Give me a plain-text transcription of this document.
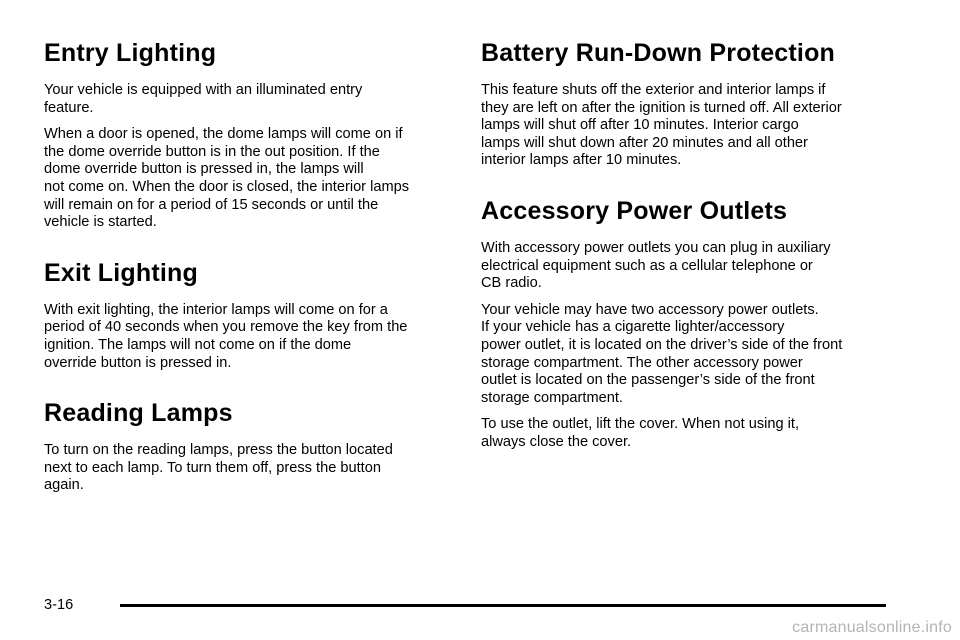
Entry Lighting

Your vehicle is equipped with an illuminated entry
feature.

When a door is opened, the dome lamps will come on if
the dome override button is in the out position. If the
dome override button is pressed in, the lamps will
not come on. When the door is closed, the interior lamps
will remain on for a period of 15 seconds or until the
vehicle is started.

Exit Lighting

With exit lighting, the interior lamps will come on for a
period of 40 seconds when you remove the key from the
ignition. The lamps will not come on if the dome
override button is pressed in.

Reading Lamps

To turn on the reading lamps, press the button located
next to each lamp. To turn them off, press the button
again.

Battery Run-Down Protection

This feature shuts off the exterior and interior lamps if
they are left on after the ignition is turned off. All exterior
lamps will shut off after 10 minutes. Interior cargo
lamps will shut down after 20 minutes and all other
interior lamps after 10 minutes.

Accessory Power Outlets

With accessory power outlets you can plug in auxiliary
electrical equipment such as a cellular telephone or
CB radio.

Your vehicle may have two accessory power outlets.
If your vehicle has a cigarette lighter/accessory
power outlet, it is located on the driver’s side of the front
storage compartment. The other accessory power
outlet is located on the passenger’s side of the front
storage compartment.

To use the outlet, lift the cover. When not using it,
always close the cover.

3-16
carmanualsonline.info
